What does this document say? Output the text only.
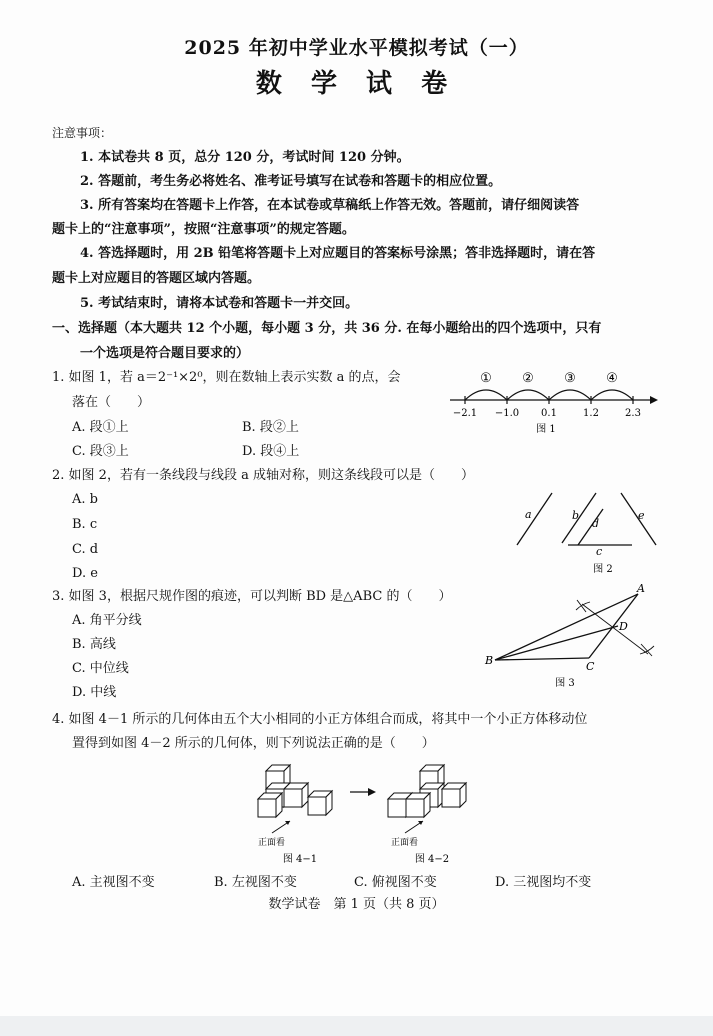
2025 年初中学业水平模拟考试（一）
数 学 试 卷
注意事项：
1. 本试卷共 8 页，总分 120 分，考试时间 120 分钟。
2. 答题前，考生务必将姓名、准考证号填写在试卷和答题卡的相应位置。
3. 所有答案均在答题卡上作答，在本试卷或草稿纸上作答无效。答题前，请仔细阅读答
题卡上的“注意事项”，按照“注意事项”的规定答题。
4. 答选择题时，用 2B 铅笔将答题卡上对应题目的答案标号涂黑；答非选择题时，请在答
题卡上对应题目的答题区域内答题。
5. 考试结束时，请将本试卷和答题卡一并交回。
一、选择题（本大题共 12 个小题，每小题 3 分，共 36 分. 在每小题给出的四个选项中，只有
一个选项是符合题目要求的）
1. 如图 1，若 a＝2⁻¹×2⁰，则在数轴上表示实数 a 的点，会
落在（　　）
A. 段①上	B. 段②上
C. 段③上	D. 段④上
① ② ③ ④
−2.1 −1.0 0.1	1.2	2.3
图 1
2. 如图 2，若有一条线段与线段 a 成轴对称，则这条线段可以是（　　）
A. b
B. c
C. d
D. e
a	b
d
e
c
图 2
3. 如图 3，根据尺规作图的痕迹，可以判断 BD 是△ABC 的（　　）
A. 角平分线
B. 高线
C. 中位线
D. 中线
A
B	C
D
图 3
4. 如图 4－1 所示的几何体由五个大小相同的小正方体组合而成，将其中一个小正方体移动位
置得到如图 4－2 所示的几何体，则下列说法正确的是（　　）
正面看	正面看
图 4−1	图 4−2
A. 主视图不变	B. 左视图不变	C. 俯视图不变	D. 三视图均不变
数学试卷　第 1 页（共 8 页）
